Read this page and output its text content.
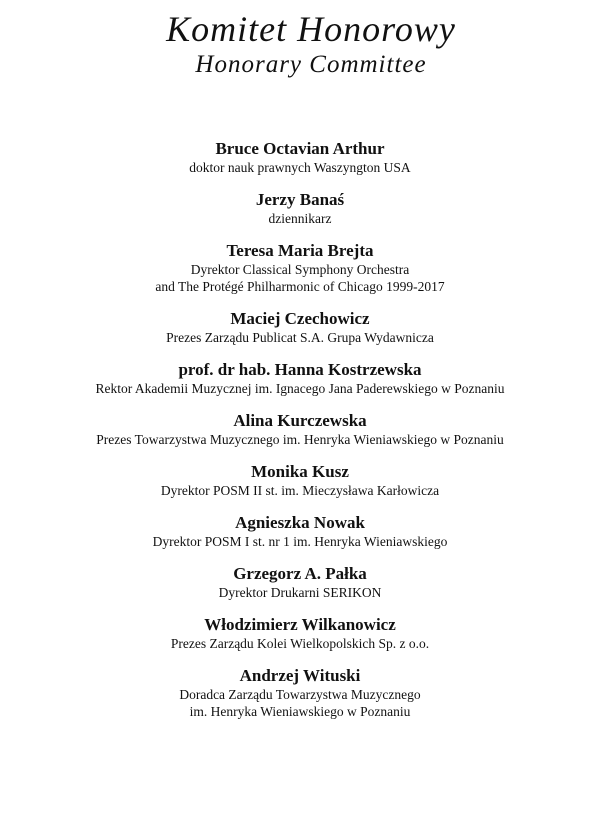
Komitet Honorowy
Honorary Committee
Bruce Octavian Arthur
doktor nauk prawnych Waszyngton USA
Jerzy Banaś
dziennikarz
Teresa Maria Brejta
Dyrektor Classical Symphony Orchestra
and The Protégé Philharmonic of Chicago 1999-2017
Maciej Czechowicz
Prezes Zarządu Publicat S.A. Grupa Wydawnicza
prof. dr hab. Hanna Kostrzewska
Rektor Akademii Muzycznej im. Ignacego Jana Paderewskiego w Poznaniu
Alina Kurczewska
Prezes Towarzystwa Muzycznego im. Henryka Wieniawskiego w Poznaniu
Monika Kusz
Dyrektor POSM II st. im. Mieczysława Karłowicza
Agnieszka Nowak
Dyrektor POSM I st. nr 1 im. Henryka Wieniawskiego
Grzegorz A. Pałka
Dyrektor Drukarni SERIKON
Włodzimierz Wilkanowicz
Prezes Zarządu Kolei Wielkopolskich Sp. z o.o.
Andrzej Wituski
Doradca Zarządu Towarzystwa Muzycznego
im. Henryka Wieniawskiego w Poznaniu
